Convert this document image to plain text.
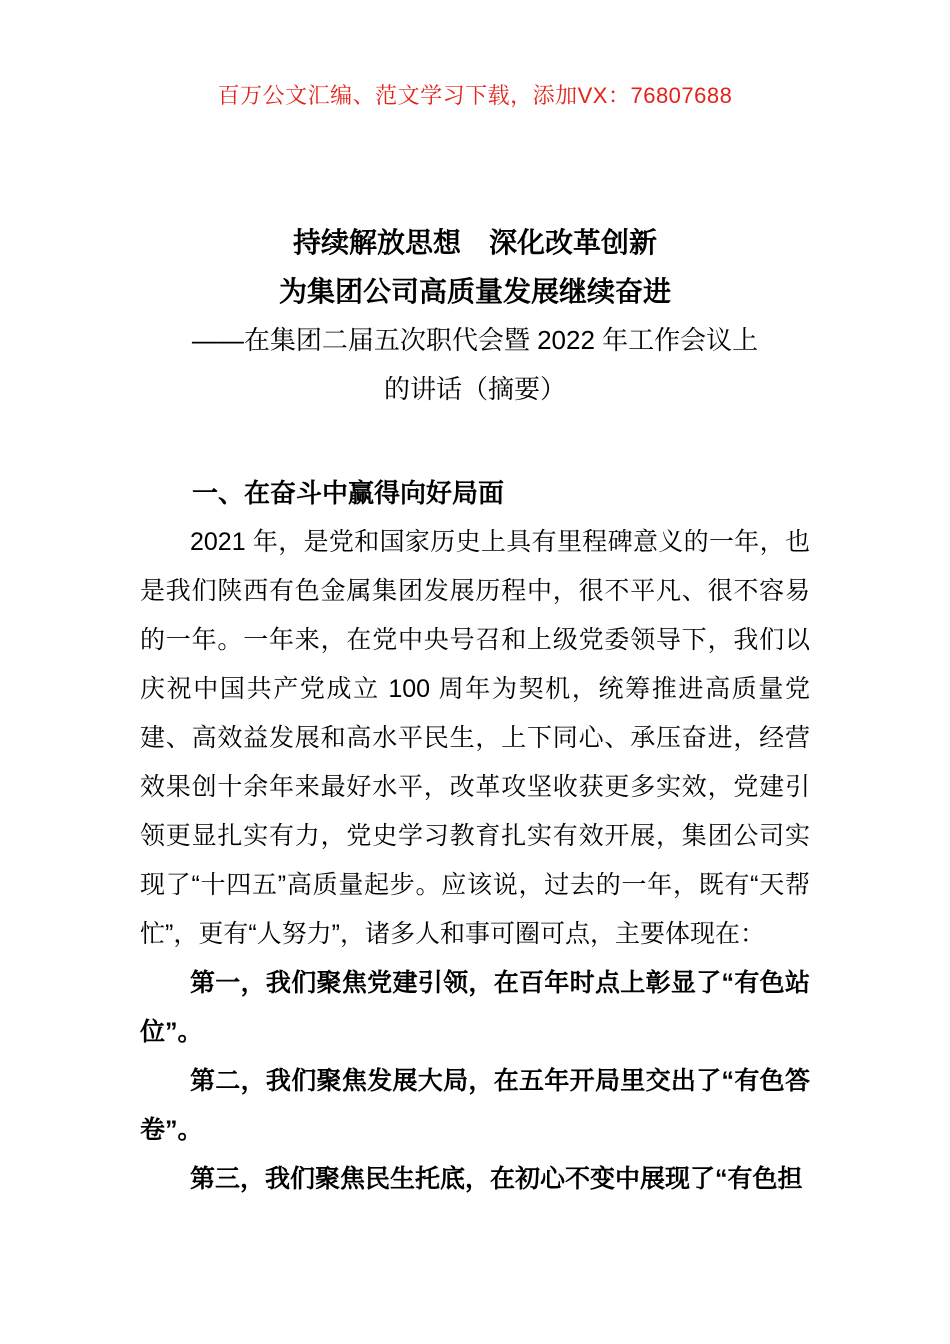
百万公文汇编、范文学习下载，添加VX：76807688
持续解放思想　深化改革创新
为集团公司高质量发展继续奋进
——在集团二届五次职代会暨 2022 年工作会议上
的讲话（摘要）
一、在奋斗中赢得向好局面

2021 年，是党和国家历史上具有里程碑意义的一年，也是我们陕西有色金属集团发展历程中，很不平凡、很不容易的一年。一年来，在党中央号召和上级党委领导下，我们以庆祝中国共产党成立 100 周年为契机，统筹推进高质量党建、高效益发展和高水平民生，上下同心、承压奋进，经营效果创十余年来最好水平，改革攻坚收获更多实效，党建引领更显扎实有力，党史学习教育扎实有效开展，集团公司实现了“十四五”高质量起步。应该说，过去的一年，既有“天帮忙”，更有“人努力”，诸多人和事可圈可点，主要体现在：

第一，我们聚焦党建引领，在百年时点上彰显了“有色站位”。

第二，我们聚焦发展大局，在五年开局里交出了“有色答卷”。

第三，我们聚焦民生托底，在初心不变中展现了“有色担
